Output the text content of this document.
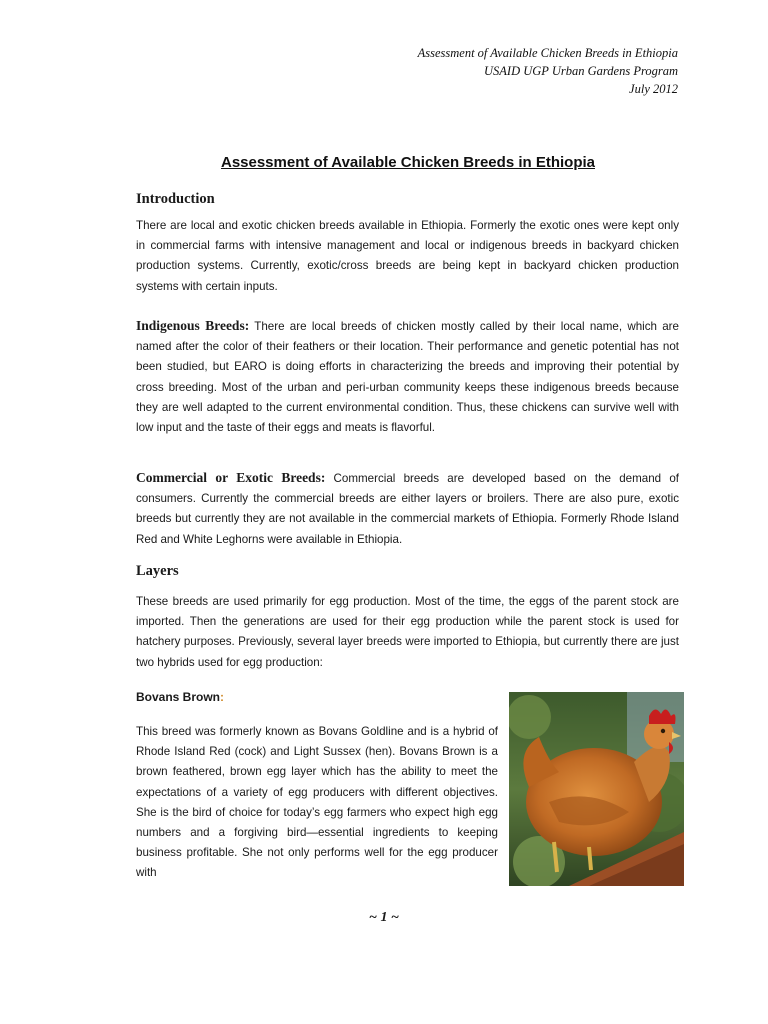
Assessment of Available Chicken Breeds in Ethiopia
USAID UGP Urban Gardens Program
July 2012
Assessment of Available Chicken Breeds in Ethiopia
Introduction

There are local and exotic chicken breeds available in Ethiopia. Formerly the exotic ones were kept only in commercial farms with intensive management and local or indigenous breeds in backyard chicken production systems. Currently, exotic/cross breeds are being kept in backyard chicken production systems with certain inputs.

Indigenous Breeds: There are local breeds of chicken mostly called by their local name, which are named after the color of their feathers or their location. Their performance and genetic potential has not been studied, but EARO is doing efforts in characterizing the breeds and improving their potential by cross breeding. Most of the urban and peri-urban community keeps these indigenous breeds because they are well adapted to the current environmental condition. Thus, these chickens can survive well with low input and the taste of their eggs and meats is flavorful.

Commercial or Exotic Breeds: Commercial breeds are developed based on the demand of consumers. Currently the commercial breeds are either layers or broilers. There are also pure, exotic breeds but currently they are not available in the commercial markets of Ethiopia. Formerly Rhode Island Red and White Leghorns were available in Ethiopia.

Layers

These breeds are used primarily for egg production. Most of the time, the eggs of the parent stock are imported. Then the generations are used for their egg production while the parent stock is used for hatchery purposes. Previously, several layer breeds were imported to Ethiopia, but currently there are just two hybrids used for egg production:

Bovans Brown:

This breed was formerly known as Bovans Goldline and is a hybrid of Rhode Island Red (cock) and Light Sussex (hen). Bovans Brown is a brown feathered, brown egg layer which has the ability to meet the expectations of a variety of egg producers with different objectives. She is the bird of choice for today’s egg farmers who expect high egg numbers and a forgiving bird—essential ingredients to keeping business profitable. She not only performs well for the egg producer with

~ 1 ~
